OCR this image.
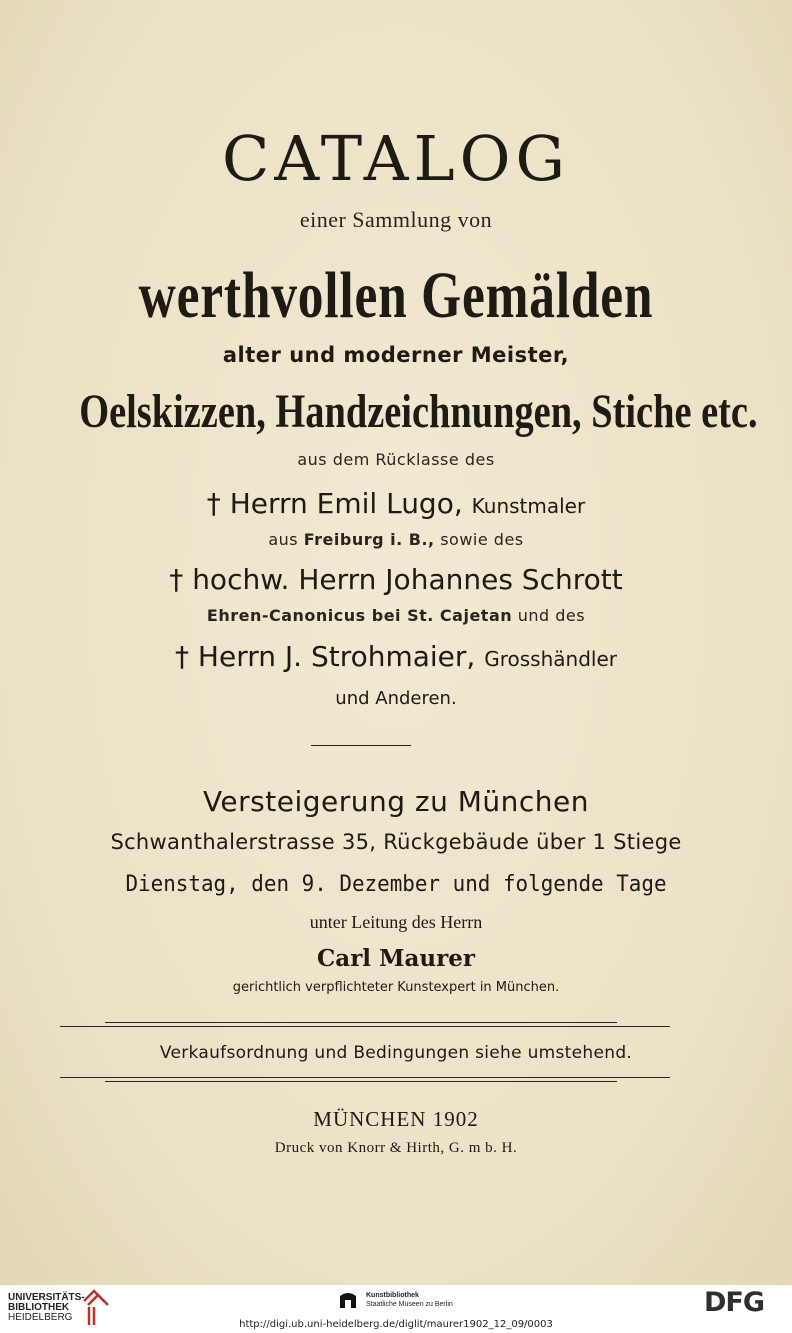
CATALOG
einer Sammlung von
werthvollen Gemälden
alter und moderner Meister,
Oelskizzen, Handzeichnungen, Stiche etc.
aus dem Rücklasse des
† Herrn Emil Lugo, Kunstmaler
aus Freiburg i. B., sowie des
† hochw. Herrn Johannes Schrott
Ehren-Canonicus bei St. Cajetan und des
† Herrn J. Strohmaier, Grosshändler
und Anderen.
Versteigerung zu München
Schwanthalerstrasse 35, Rückgebäude über 1 Stiege
Dienstag, den 9. Dezember und folgende Tage
unter Leitung des Herrn
Carl Maurer
gerichtlich verpflichteter Kunstexpert in München.
Verkaufsordnung und Bedingungen siehe umstehend.
MÜNCHEN 1902
Druck von Knorr & Hirth, G. m b. H.
UNIVERSITÄTS-
BIBLIOTHEK
HEIDELBERG
Kunstbibliothek
Staatliche Museen zu Berlin	DFG
http://digi.ub.uni-heidelberg.de/diglit/maurer1902_12_09/0003
